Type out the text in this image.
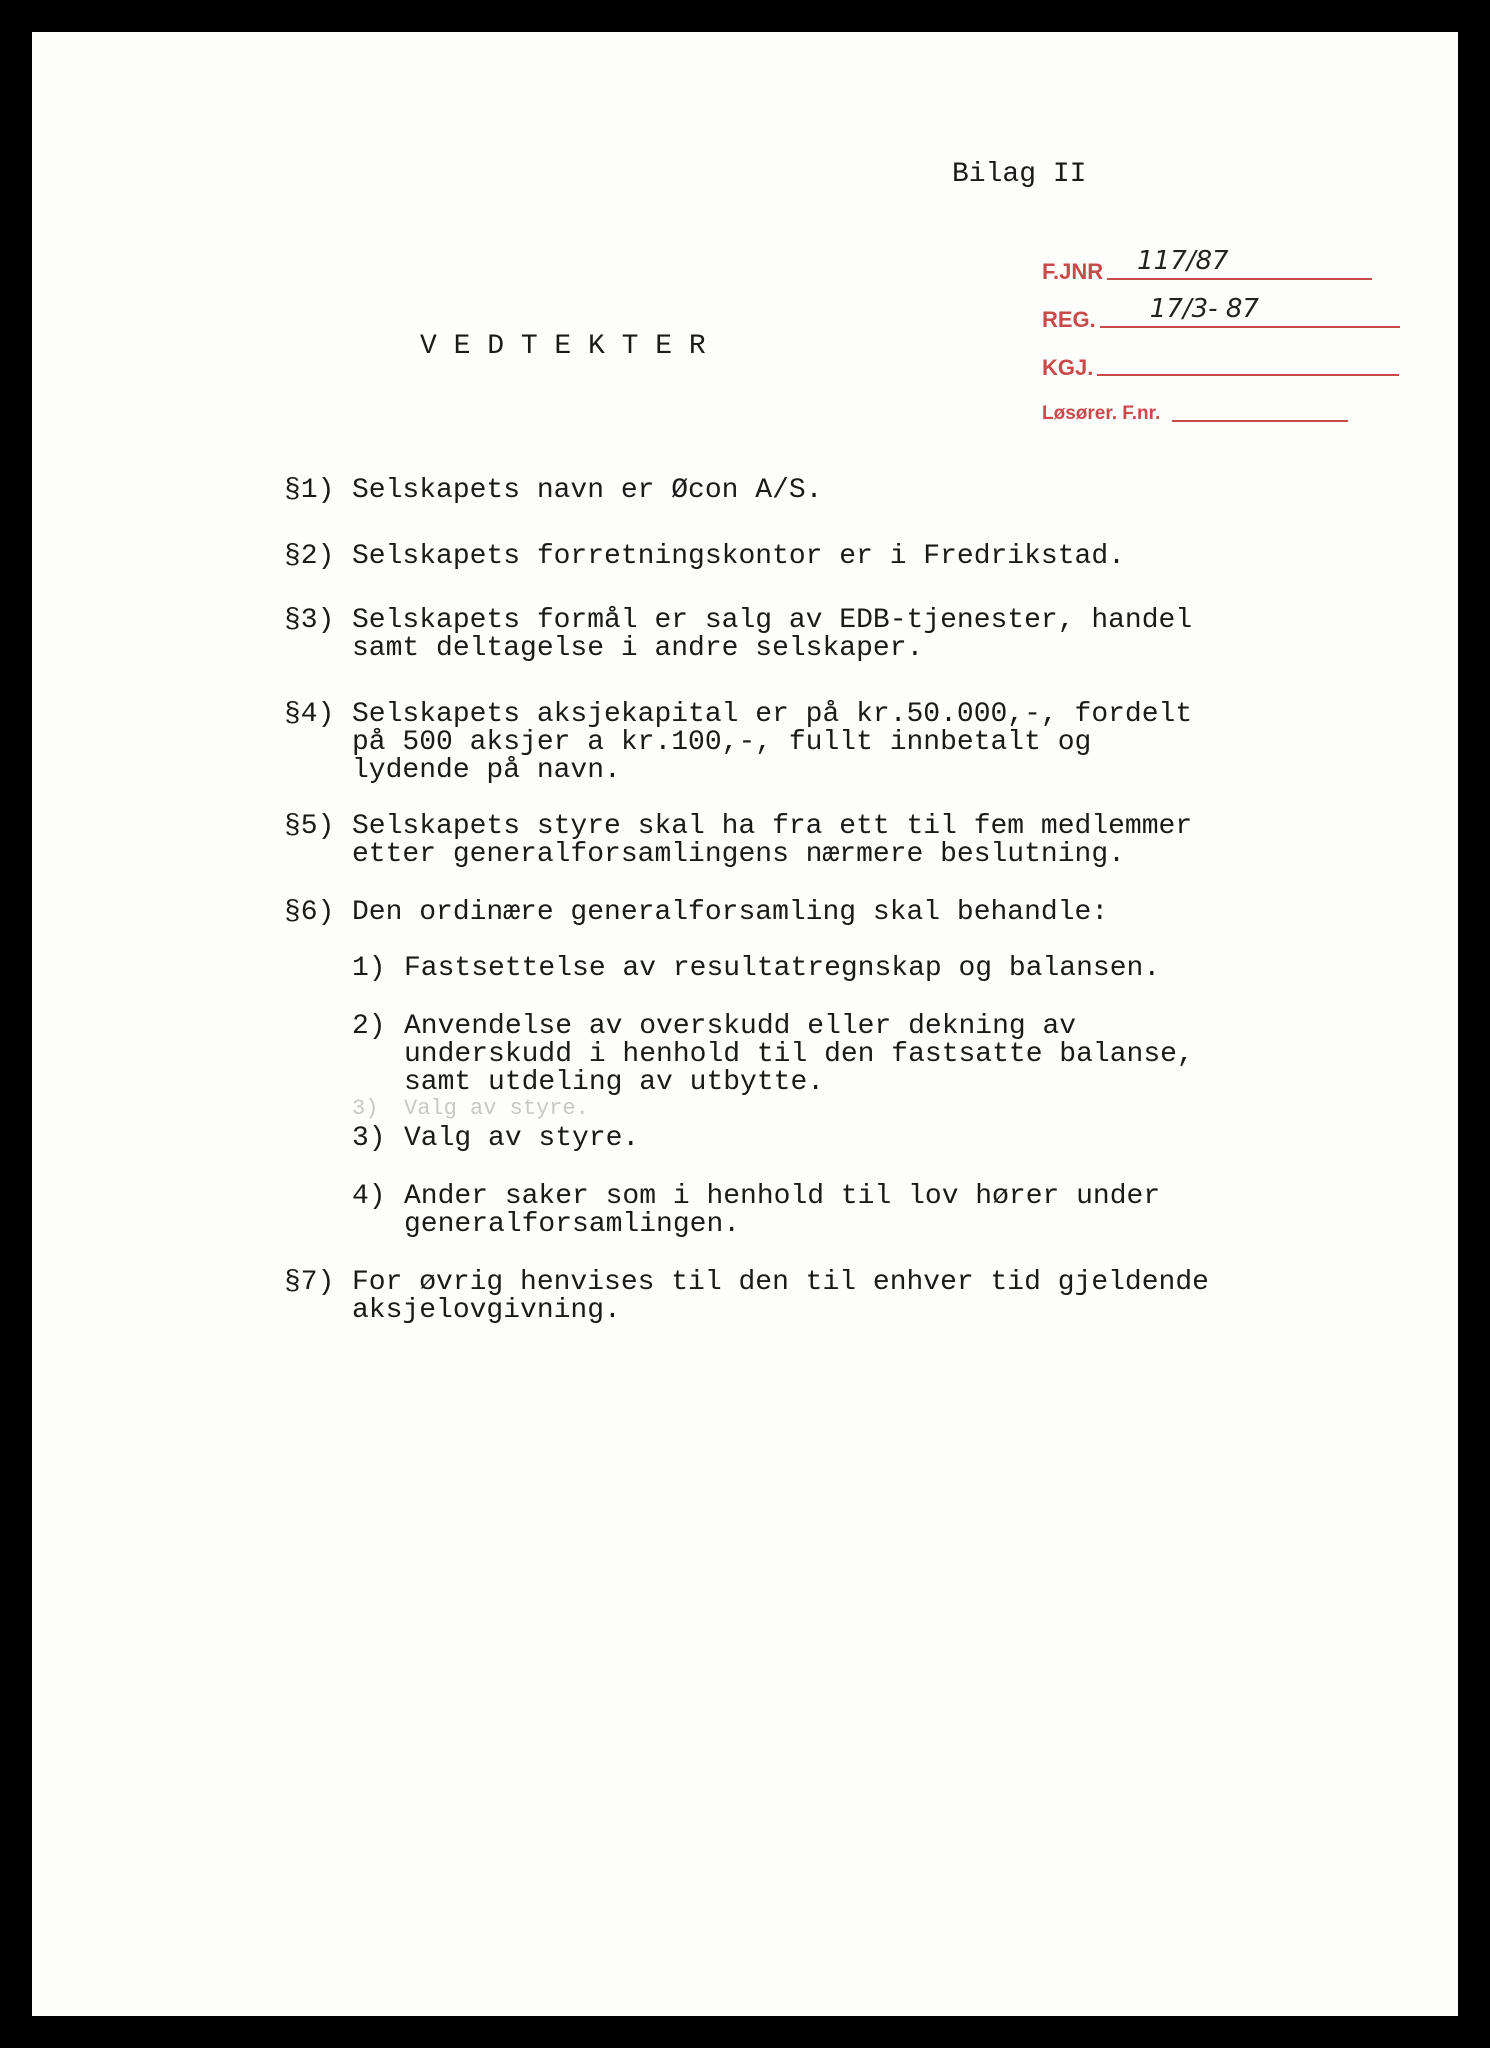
Bilag II
V E D T E K T E R
F.JNR 117/87
REG. 17/3- 87
KGJ.
Løsører. F.nr.
§1) Selskapets navn er Øcon A/S.
§2) Selskapets forretningskontor er i Fredrikstad.
§3) Selskapets formål er salg av EDB-tjenester, handel
samt deltagelse i andre selskaper.
§4) Selskapets aksjekapital er på kr.50.000,-, fordelt
på 500 aksjer a kr.100,-, fullt innbetalt og
lydende på navn.
§5) Selskapets styre skal ha fra ett til fem medlemmer
etter generalforsamlingens nærmere beslutning.
§6) Den ordinære generalforsamling skal behandle:
1) Fastsettelse av resultatregnskap og balansen.
2) Anvendelse av overskudd eller dekning av
underskudd i henhold til den fastsatte balanse,
samt utdeling av utbytte.
3) Valg av styre.
3) Valg av styre.
4) Ander saker som i henhold til lov hører under
generalforsamlingen.
§7) For øvrig henvises til den til enhver tid gjeldende
aksjelovgivning.
